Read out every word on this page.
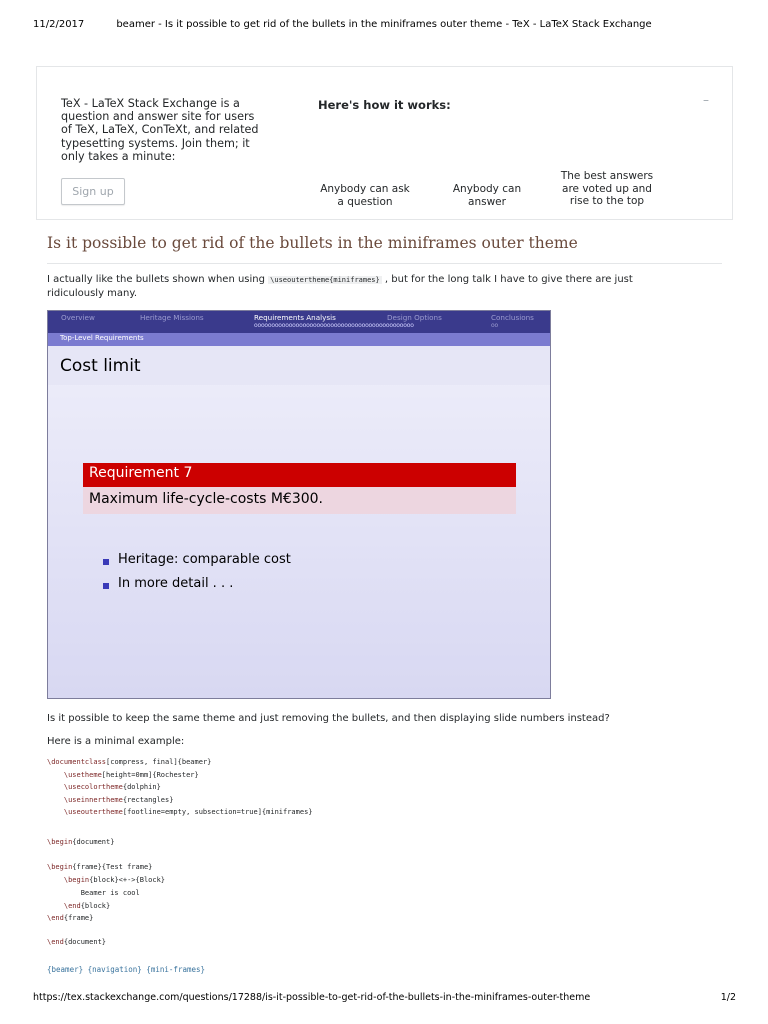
11/2/2017	beamer - Is it possible to get rid of the bullets in the miniframes outer theme - TeX - LaTeX Stack Exchange
TeX - LaTeX Stack Exchange is a question and answer site for users of TeX, LaTeX, ConTeXt, and related typesetting systems. Join them; it only takes a minute:
Sign up
Here's how it works:	–
Anybody can ask a question
Anybody can answer
The best answers are voted up and rise to the top
Is it possible to get rid of the bullets in the miniframes outer theme
I actually like the bullets shown when using \useoutertheme{miniframes} , but for the long talk I have to give there are just ridiculously many.
Overview	Heritage Missions	Requirements Analysis	Design Options	Conclusions
oooooooooooooooooooooooooooooooooooooooooooooo	oo
Top-Level Requirements
Cost limit
Requirement 7
Maximum life-cycle-costs M€300.
Heritage: comparable cost
In more detail . . .
Is it possible to keep the same theme and just removing the bullets, and then displaying slide numbers instead?
Here is a minimal example:
\documentclass[compress, final]{beamer}
\usetheme[height=0mm]{Rochester}
\usecolortheme{dolphin}
\useinnertheme{rectangles}
\useoutertheme[footline=empty, subsection=true]{miniframes}
\begin{document}
\begin{frame}{Test frame}
\begin{block}<+->{Block}
Beamer is cool
\end{block}
\end{frame}
\end{document}
{beamer} {navigation} {mini-frames}
https://tex.stackexchange.com/questions/17288/is-it-possible-to-get-rid-of-the-bullets-in-the-miniframes-outer-theme	1/2
